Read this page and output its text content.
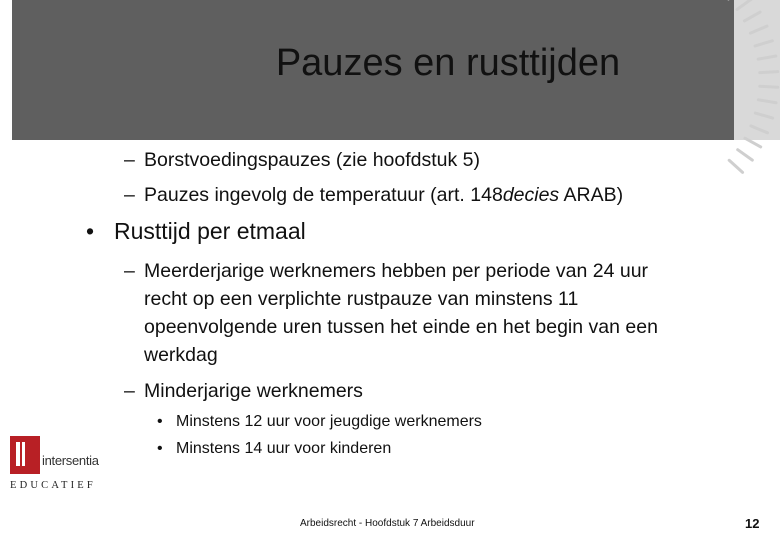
Pauzes en rusttijden
– Borstvoedingspauzes (zie hoofdstuk 5)
– Pauzes ingevolg de temperatuur (art. 148decies ARAB)
• Rusttijd per etmaal
– Meerderjarige werknemers hebben per periode van 24 uur
recht op een verplichte rustpauze van minstens 11
opeenvolgende uren tussen het einde en het begin van een
werkdag
– Minderjarige werknemers
• Minstens 12 uur voor jeugdige werknemers
• Minstens 14 uur voor kinderen
intersentia
EDUCATIEF
Arbeidsrecht - Hoofdstuk 7 Arbeidsduur	12
